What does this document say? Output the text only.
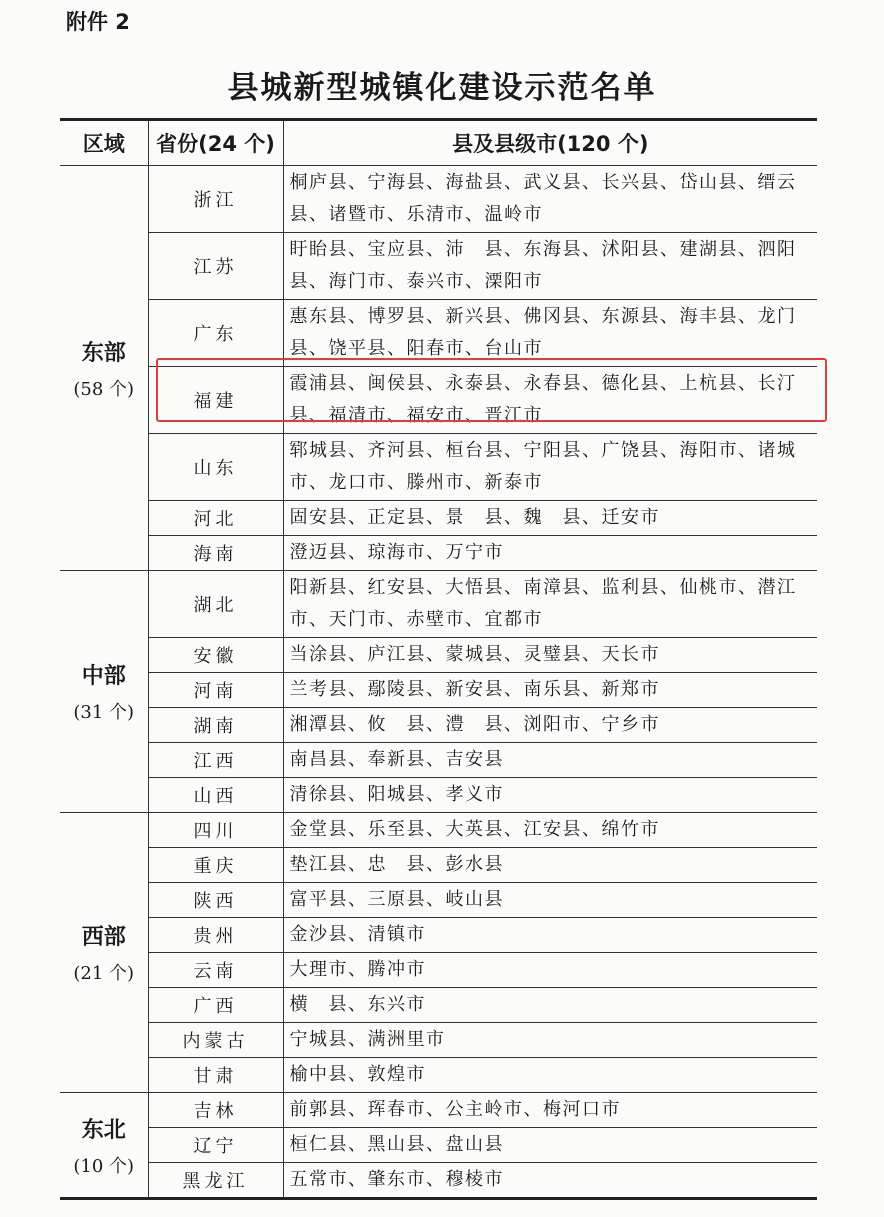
附件 2
县城新型城镇化建设示范名单
区域	省份(24 个)	县及县级市(120 个)

东部
(58 个)	浙江	桐庐县、宁海县、海盐县、武义县、长兴县、岱山县、缙云县、诸暨市、乐清市、温岭市
	江苏	盱眙县、宝应县、沛　县、东海县、沭阳县、建湖县、泗阳县、海门市、泰兴市、溧阳市
	广东	惠东县、博罗县、新兴县、佛冈县、东源县、海丰县、龙门县、饶平县、阳春市、台山市
	福建	霞浦县、闽侯县、永泰县、永春县、德化县、上杭县、长汀县、福清市、福安市、晋江市
	山东	郓城县、齐河县、桓台县、宁阳县、广饶县、海阳市、诸城市、龙口市、滕州市、新泰市
	河北	固安县、正定县、景　县、魏　县、迁安市
	海南	澄迈县、琼海市、万宁市

中部
(31 个)	湖北	阳新县、红安县、大悟县、南漳县、监利县、仙桃市、潜江市、天门市、赤壁市、宜都市
	安徽	当涂县、庐江县、蒙城县、灵璧县、天长市
	河南	兰考县、鄢陵县、新安县、南乐县、新郑市
	湖南	湘潭县、攸　县、澧　县、浏阳市、宁乡市
	江西	南昌县、奉新县、吉安县
	山西	清徐县、阳城县、孝义市

西部
(21 个)	四川	金堂县、乐至县、大英县、江安县、绵竹市
	重庆	垫江县、忠　县、彭水县
	陕西	富平县、三原县、岐山县
	贵州	金沙县、清镇市
	云南	大理市、腾冲市
	广西	横　县、东兴市
	内蒙古	宁城县、满洲里市
	甘肃	榆中县、敦煌市

东北
(10 个)	吉林	前郭县、珲春市、公主岭市、梅河口市
	辽宁	桓仁县、黑山县、盘山县
	黑龙江	五常市、肇东市、穆棱市
